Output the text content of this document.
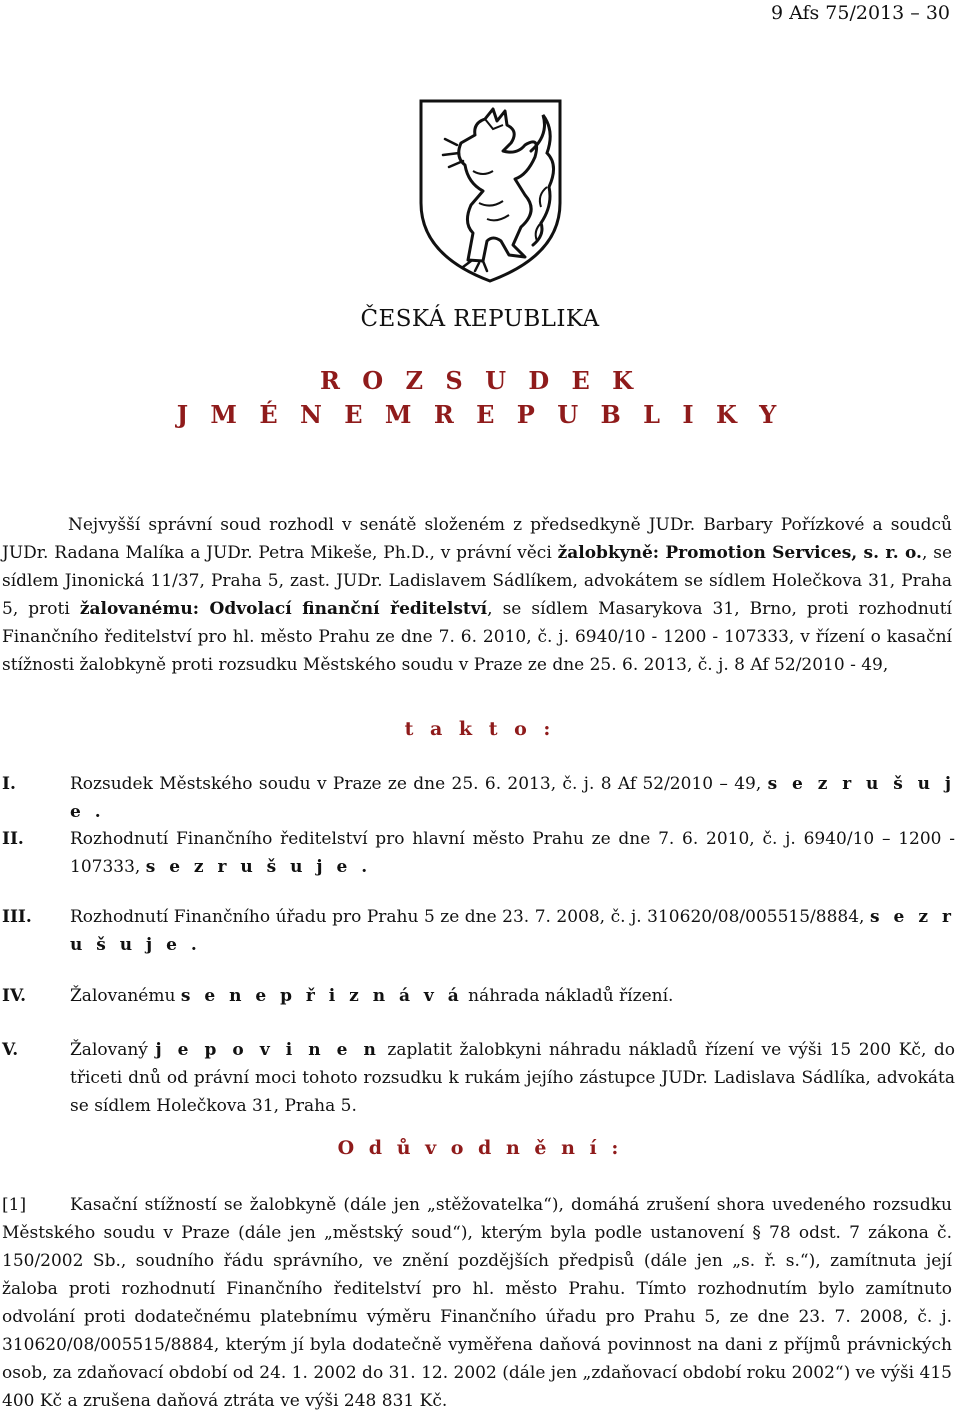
9 Afs 75/2013 – 30
ČESKÁ REPUBLIKA
R O Z S U D E K
J M É N E M R E P U B L I K Y
Nejvyšší správní soud rozhodl v senátě složeném z předsedkyně JUDr. Barbary Pořízkové a soudců JUDr. Radana Malíka a JUDr. Petra Mikeše, Ph.D., v právní věci žalobkyně: Promotion Services, s. r. o., se sídlem Jinonická 11/37, Praha 5, zast. JUDr. Ladislavem Sádlíkem, advokátem se sídlem Holečkova 31, Praha 5, proti žalovanému: Odvolací finanční ředitelství, se sídlem Masarykova 31, Brno, proti rozhodnutí Finančního ředitelství pro hl. město Prahu ze dne 7. 6. 2010, č. j. 6940/10 - 1200 - 107333, v řízení o kasační stížnosti žalobkyně proti rozsudku Městského soudu v Praze ze dne 25. 6. 2013, č. j. 8 Af 52/2010 - 49,
t a k t o :
I.	Rozsudek Městského soudu v Praze ze dne 25. 6. 2013, č. j. 8 Af 52/2010 – 49, s e z r u š u j e .
II.	Rozhodnutí Finančního ředitelství pro hlavní město Prahu ze dne 7. 6. 2010, č. j. 6940/10 – 1200 - 107333, s e z r u š u j e .
III. Rozhodnutí Finančního úřadu pro Prahu 5 ze dne 23. 7. 2008, č. j. 310620/08/005515/8884, s e z r u š u j e .
IV.	Žalovanému s e n e p ř i z n á v á náhrada nákladů řízení.
V.	Žalovaný j e p o v i n e n zaplatit žalobkyni náhradu nákladů řízení ve výši 15 200 Kč, do třiceti dnů od právní moci tohoto rozsudku k rukám jejího zástupce JUDr. Ladislava Sádlíka, advokáta se sídlem Holečkova 31, Praha 5.
O d ů v o d n ě n í :
[1]	Kasační stížností se žalobkyně (dále jen „stěžovatelka“), domáhá zrušení shora uvedeného rozsudku Městského soudu v Praze (dále jen „městský soud“), kterým byla podle ustanovení § 78 odst. 7 zákona č. 150/2002 Sb., soudního řádu správního, ve znění pozdějších předpisů (dále jen „s. ř. s.“), zamítnuta její žaloba proti rozhodnutí Finančního ředitelství pro hl. město Prahu. Tímto rozhodnutím bylo zamítnuto odvolání proti dodatečnému platebnímu výměru Finančního úřadu pro Prahu 5, ze dne 23. 7. 2008, č. j. 310620/08/005515/8884, kterým jí byla dodatečně vyměřena daňová povinnost na dani z příjmů právnických osob, za zdaňovací období od 24. 1. 2002 do 31. 12. 2002 (dále jen „zdaňovací období roku 2002“) ve výši 415 400 Kč a zrušena daňová ztráta ve výši 248 831 Kč.
